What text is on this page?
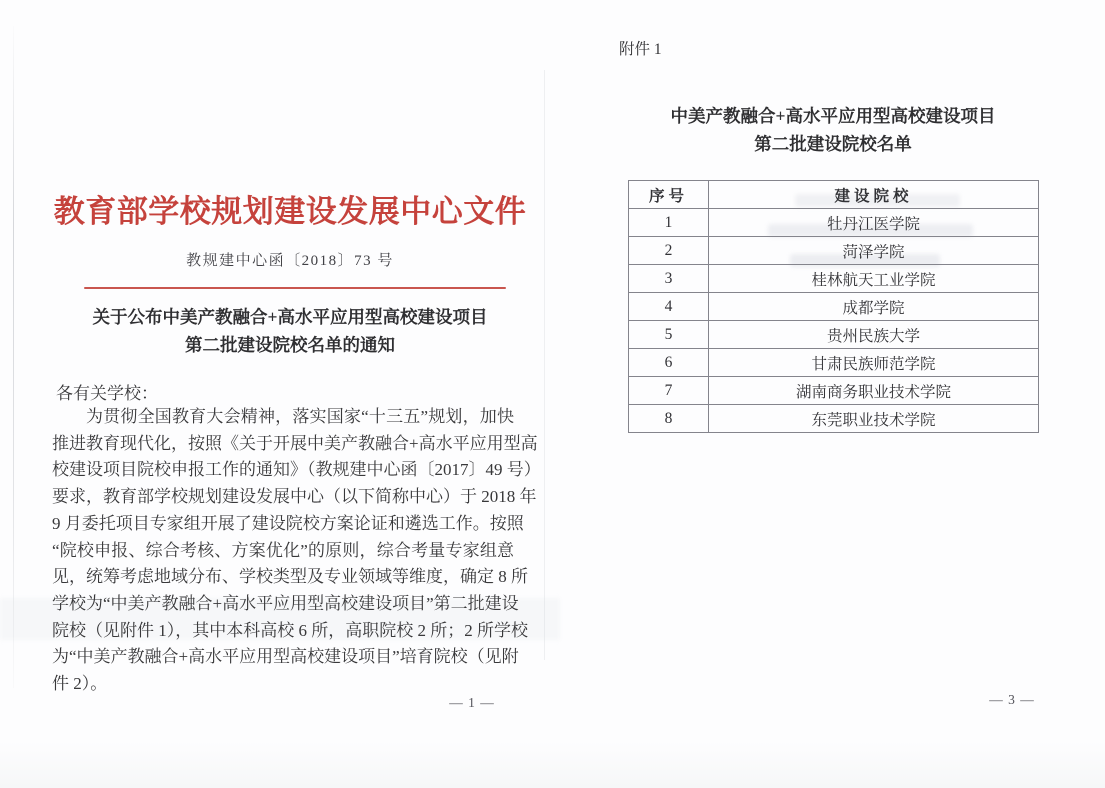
教育部学校规划建设发展中心文件
教规建中心函〔2018〕73 号
关于公布中美产教融合+高水平应用型高校建设项目
第二批建设院校名单的通知
各有关学校：
为贯彻全国教育大会精神，落实国家“十三五”规划，加快
推进教育现代化，按照《关于开展中美产教融合+高水平应用型高
校建设项目院校申报工作的通知》（教规建中心函〔2017〕49 号）
要求，教育部学校规划建设发展中心（以下简称中心）于 2018 年
9 月委托项目专家组开展了建设院校方案论证和遴选工作。按照
“院校申报、综合考核、方案优化”的原则，综合考量专家组意
见，统筹考虑地域分布、学校类型及专业领域等维度，确定 8 所
学校为“中美产教融合+高水平应用型高校建设项目”第二批建设
院校（见附件 1），其中本科高校 6 所，高职院校 2 所；2 所学校
为“中美产教融合+高水平应用型高校建设项目”培育院校（见附
件 2）。
— 1 —
附件 1
中美产教融合+高水平应用型高校建设项目
第二批建设院校名单
序号	建设院校
1	牡丹江医学院
2	菏泽学院
3	桂林航天工业学院
4	成都学院
5	贵州民族大学
6	甘肃民族师范学院
7	湖南商务职业技术学院
8	东莞职业技术学院
— 3 —
